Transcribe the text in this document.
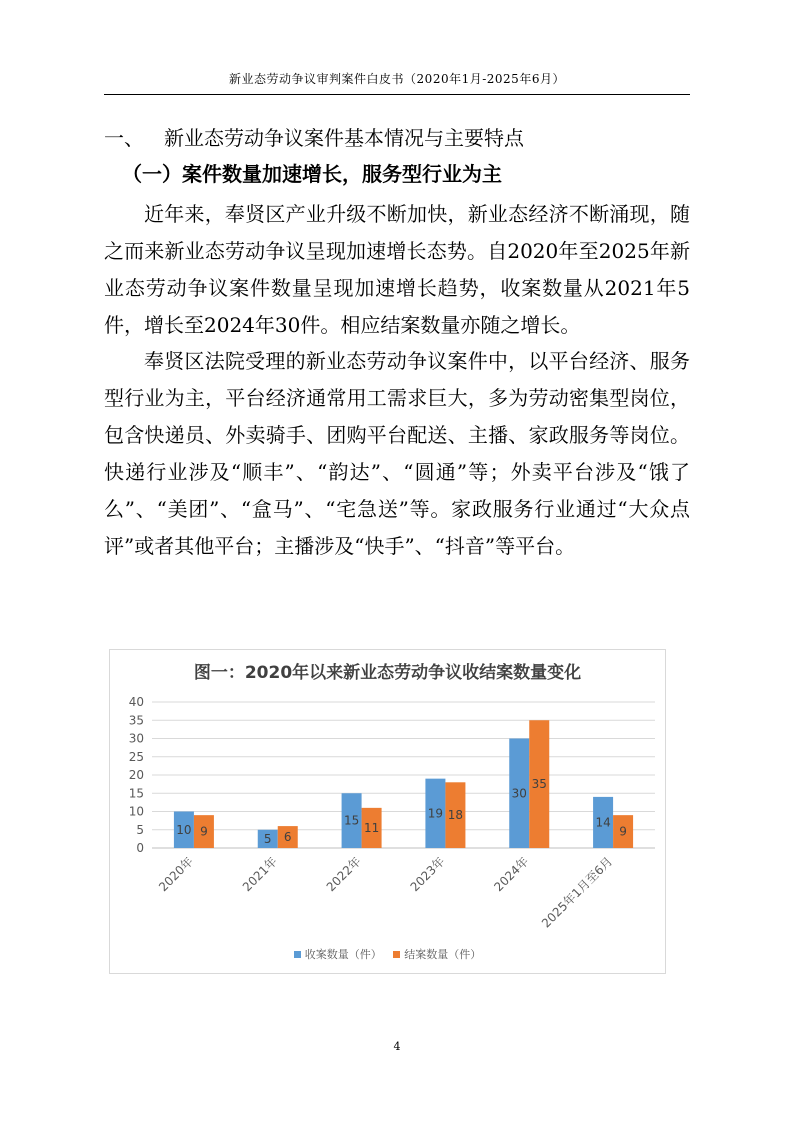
新业态劳动争议审判案件白皮书（2020年1月-2025年6月）
一、 新业态劳动争议案件基本情况与主要特点
（一）案件数量加速增长，服务型行业为主

近年来，奉贤区产业升级不断加快，新业态经济不断涌现，随之而来新业态劳动争议呈现加速增长态势。自2020年至2025年新业态劳动争议案件数量呈现加速增长趋势，收案数量从2021年5件，增长至2024年30件。相应结案数量亦随之增长。

奉贤区法院受理的新业态劳动争议案件中，以平台经济、服务型行业为主，平台经济通常用工需求巨大，多为劳动密集型岗位，包含快递员、外卖骑手、团购平台配送、主播、家政服务等岗位。快递行业涉及“顺丰”、“韵达”、“圆通”等；外卖平台涉及“饿了么”、“美团”、“盒马”、“宅急送”等。家政服务行业通过“大众点评”或者其他平台；主播涉及“快手”、“抖音”等平台。

图一：2020年以来新业态劳动争议收结案数量变化
0
5
10
15
20
25
30
35
40
10 9
2020年
5 6
2021年
15
11
2022年
19 18
2023年
30
35
2024年
14
9
2025年1月至6月
收案数量（件）
结案数量（件）
4
